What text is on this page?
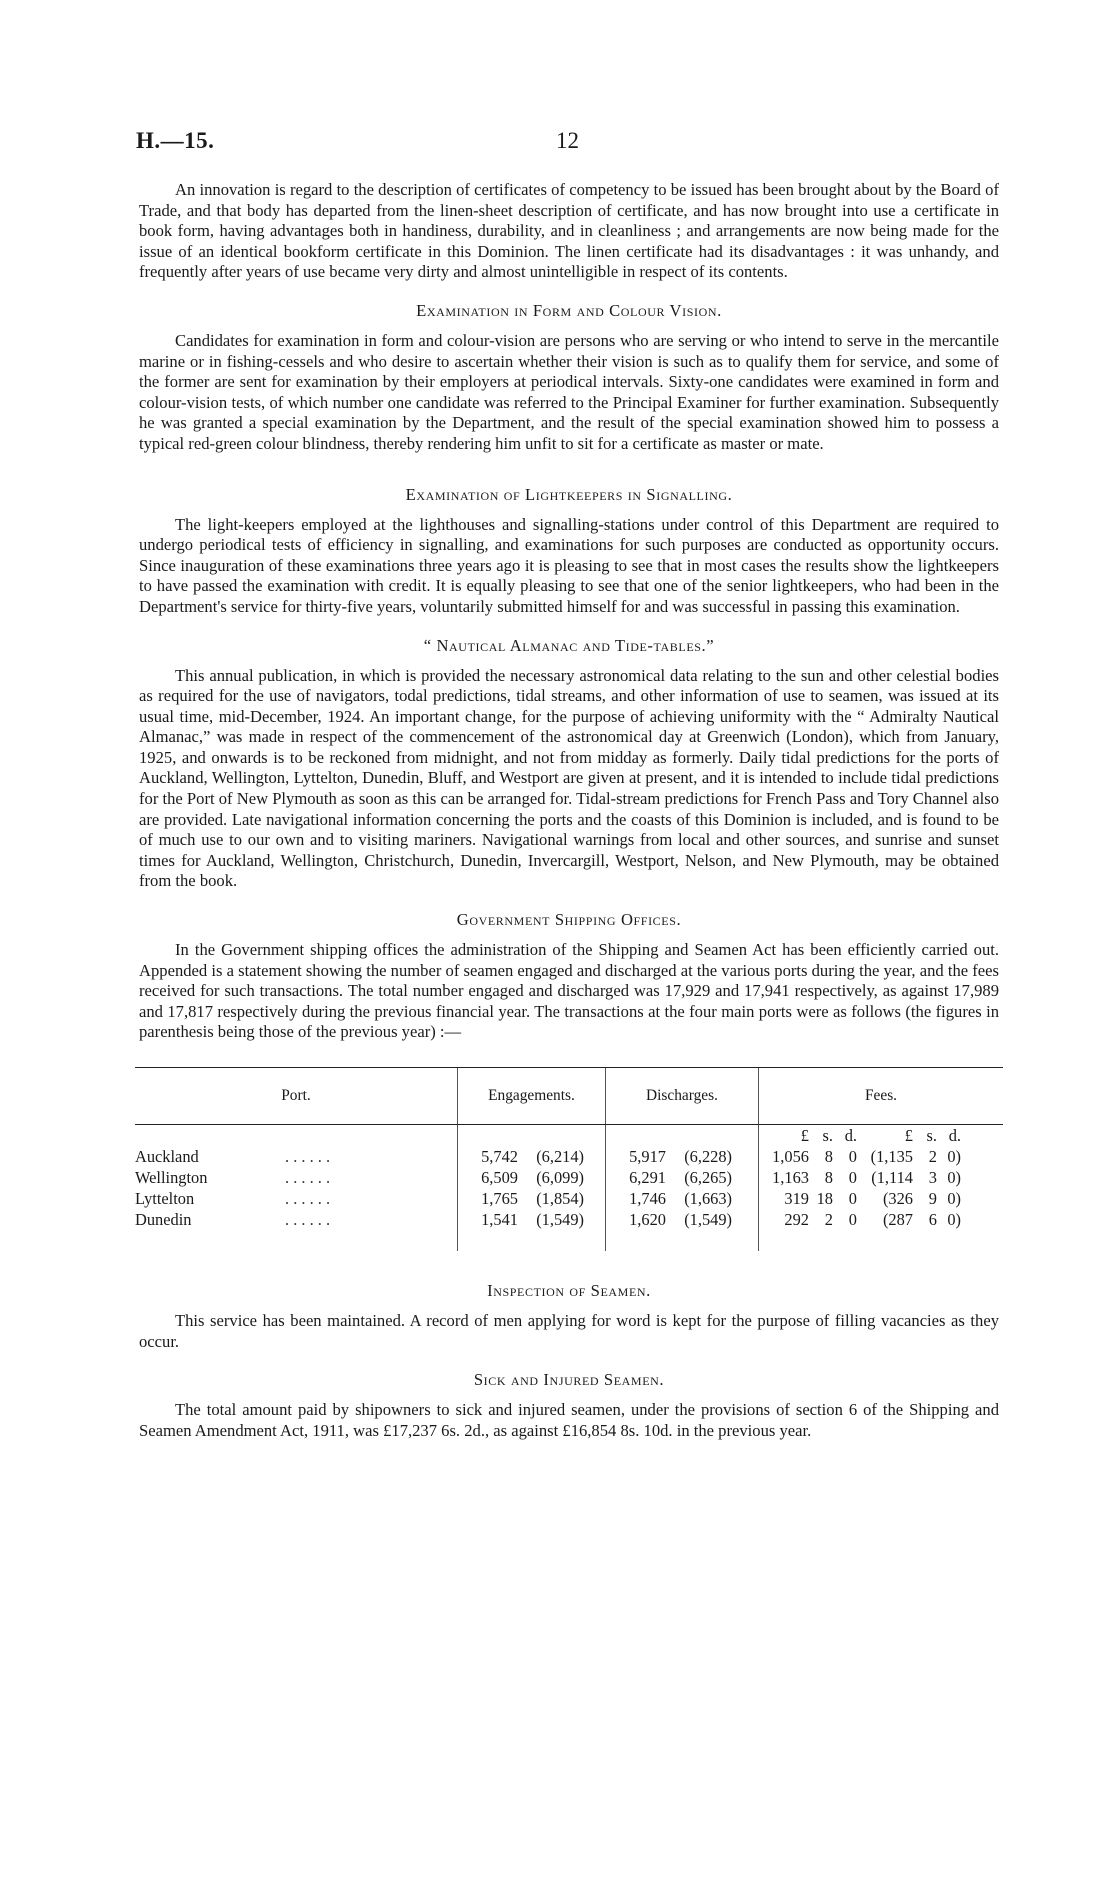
H.—15.	12

An innovation is regard to the description of certificates of competency to be issued has been brought about by the Board of Trade, and that body has departed from the linen-sheet description of certificate, and has now brought into use a certificate in book form, having advantages both in handiness, durability, and in cleanliness ; and arrangements are now being made for the issue of an identical bookform certificate in this Dominion. The linen certificate had its disadvantages : it was unhandy, and frequently after years of use became very dirty and almost unintelligible in respect of its contents.

Examination in Form and Colour Vision.

Candidates for examination in form and colour-vision are persons who are serving or who intend to serve in the mercantile marine or in fishing-cessels and who desire to ascertain whether their vision is such as to qualify them for service, and some of the former are sent for examination by their employers at periodical intervals. Sixty-one candidates were examined in form and colour-vision tests, of which number one candidate was referred to the Principal Examiner for further examination. Subsequently he was granted a special examination by the Department, and the result of the special examination showed him to possess a typical red-green colour blindness, thereby rendering him unfit to sit for a certificate as master or mate.

Examination of Lightkeepers in Signalling.

The light-keepers employed at the lighthouses and signalling-stations under control of this Department are required to undergo periodical tests of efficiency in signalling, and examinations for such purposes are conducted as opportunity occurs. Since inauguration of these examinations three years ago it is pleasing to see that in most cases the results show the lightkeepers to have passed the examination with credit. It is equally pleasing to see that one of the senior lightkeepers, who had been in the Department's service for thirty-five years, voluntarily submitted himself for and was successful in passing this examination.

“ Nautical Almanac and Tide-tables.”

This annual publication, in which is provided the necessary astronomical data relating to the sun and other celestial bodies as required for the use of navigators, todal predictions, tidal streams, and other information of use to seamen, was issued at its usual time, mid-December, 1924. An important change, for the purpose of achieving uniformity with the “ Admiralty Nautical Almanac,” was made in respect of the commencement of the astronomical day at Greenwich (London), which from January, 1925, and onwards is to be reckoned from midnight, and not from midday as formerly. Daily tidal predictions for the ports of Auckland, Wellington, Lyttelton, Dunedin, Bluff, and Westport are given at present, and it is intended to include tidal predictions for the Port of New Plymouth as soon as this can be arranged for. Tidal-stream predictions for French Pass and Tory Channel also are provided. Late navigational information concerning the ports and the coasts of this Dominion is included, and is found to be of much use to our own and to visiting mariners. Navigational warnings from local and other sources, and sunrise and sunset times for Auckland, Wellington, Christchurch, Dunedin, Invercargill, Westport, Nelson, and New Plymouth, may be obtained from the book.

Government Shipping Offices.

In the Government shipping offices the administration of the Shipping and Seamen Act has been efficiently carried out. Appended is a statement showing the number of seamen engaged and discharged at the various ports during the year, and the fees received for such transactions. The total number engaged and discharged was 17,929 and 17,941 respectively, as against 17,989 and 17,817 respectively during the previous financial year. The transactions at the four main ports were as follows (the figures in parenthesis being those of the previous year) :—

Port.	Engagements.	Discharges.	Fees.
			£ s. d. £ s. d.
Auckland . . . . . .	5,742 (6,214)	5,917 (6,228)	1,056 8 0 (1,135 2 0)
Wellington . . . . . .	6,509 (6,099)	6,291 (6,265)	1,163 8 0 (1,114 3 0)
Lyttelton . . . . . .	1,765 (1,854)	1,746 (1,663)	319 18 0 (326 9 0)
Dunedin . . . . . .	1,541 (1,549)	1,620 (1,549)	292 2 0 (287 6 0)

Inspection of Seamen.

This service has been maintained. A record of men applying for word is kept for the purpose of filling vacancies as they occur.

Sick and Injured Seamen.

The total amount paid by shipowners to sick and injured seamen, under the provisions of section 6 of the Shipping and Seamen Amendment Act, 1911, was £17,237 6s. 2d., as against £16,854 8s. 10d. in the previous year.
